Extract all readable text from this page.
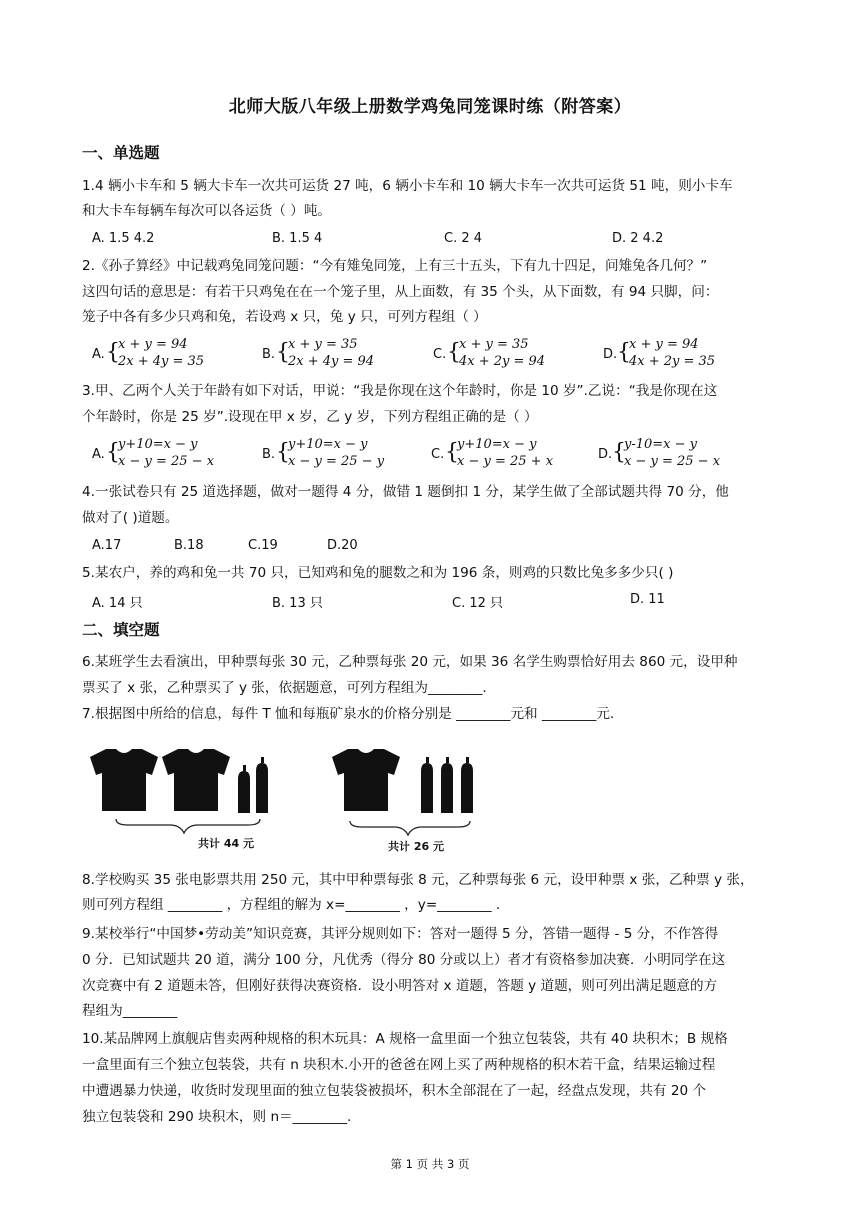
北师大版八年级上册数学鸡兔同笼课时练（附答案）
一、单选题
1.4 辆小卡车和 5 辆大卡车一次共可运货 27 吨，6 辆小卡车和 10 辆大卡车一次共可运货 51 吨，则小卡车
和大卡车每辆车每次可以各运货（ ）吨。
A. 1.5 4.2	B. 1.5 4	C. 2 4	D. 2 4.2
2.《孙子算经》中记载鸡兔同笼问题：“今有雉兔同笼，上有三十五头，下有九十四足，问雉兔各几何？”
这四句话的意思是：有若干只鸡兔在在一个笼子里，从上面数，有 35 个头，从下面数，有 94 只脚，问：
笼子中各有多少只鸡和兔，若设鸡 x 只，兔 y 只，可列方程组（ ）
A. {
x + y = 94
2x + 4y = 35	B. {
x + y = 35
2x + 4y = 94	C. {
x + y = 35
4x + 2y = 94	D. {
x + y = 94
4x + 2y = 35
3.甲、乙两个人关于年龄有如下对话，甲说：“我是你现在这个年龄时，你是 10 岁”.乙说：“我是你现在这
个年龄时，你是 25 岁”.设现在甲 x 岁，乙 y 岁，下列方程组正确的是（ ）
A. {
y+10=x − y
x − y = 25 − x	B. {
y+10=x − y
x − y = 25 − y	C. {
y+10=x − y
x − y = 25 + x	D. {
y-10=x − y
x − y = 25 − x
4.一张试卷只有 25 道选择题，做对一题得 4 分，做错 1 题倒扣 1 分，某学生做了全部试题共得 70 分，他
做对了( )道题。
A.17	B.18	C.19	D.20
5.某农户，养的鸡和兔一共 70 只，已知鸡和兔的腿数之和为 196 条，则鸡的只数比兔多多少只( )
A. 14 只	B. 13 只	C. 12 只	D. 11
二、填空题
6.某班学生去看演出，甲种票每张 30 元，乙种票每张 20 元，如果 36 名学生购票恰好用去 860 元，设甲种
票买了 x 张，乙种票买了 y 张，依据题意，可列方程组为________.
7.根据图中所给的信息，每件 T 恤和每瓶矿泉水的价格分别是 ________元和 ________元.
共计 44 元	共计 26 元
8.学校购买 35 张电影票共用 250 元，其中甲种票每张 8 元，乙种票每张 6 元，设甲种票 x 张，乙种票 y 张，
则可列方程组 ________ ，方程组的解为 x=________ ，y=________ .
9.某校举行“中国梦•劳动美”知识竞赛，其评分规则如下：答对一题得 5 分，答错一题得 - 5 分，不作答得
0 分．已知试题共 20 道，满分 100 分，凡优秀（得分 80 分或以上）者才有资格参加决赛．小明同学在这
次竞赛中有 2 道题未答，但刚好获得决赛资格．设小明答对 x 道题，答题 y 道题，则可列出满足题意的方
程组为________
10.某品牌网上旗舰店售卖两种规格的积木玩具：A 规格一盒里面一个独立包装袋，共有 40 块积木；B 规格
一盒里面有三个独立包装袋，共有 n 块积木.小开的爸爸在网上买了两种规格的积木若干盒，结果运输过程
中遭遇暴力快递，收货时发现里面的独立包装袋被损坏，积木全部混在了一起，经盘点发现，共有 20 个
独立包装袋和 290 块积木，则 n＝________.
第 1 页 共 3 页
